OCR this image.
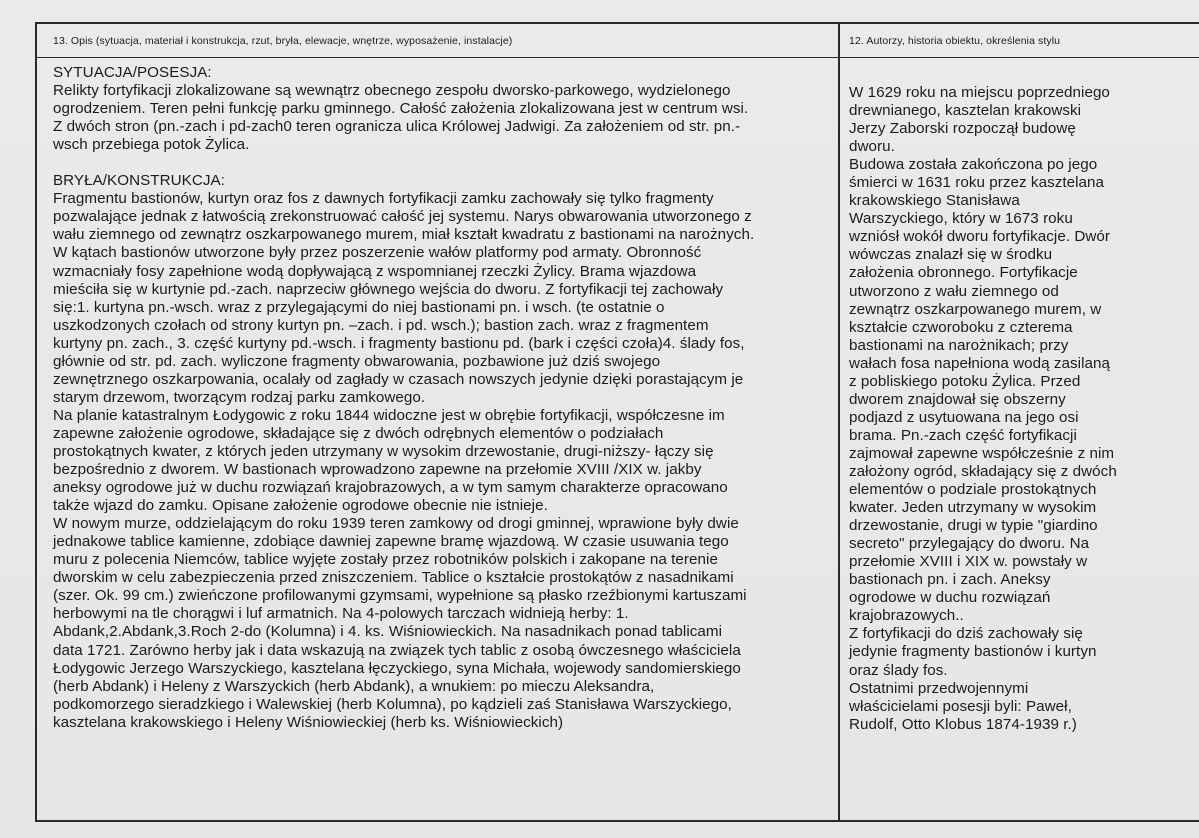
13. Opis (sytuacja, materiał i konstrukcja, rzut, bryła, elewacje, wnętrze, wyposażenie, instalacje)	12. Autorzy, historia obiektu, określenia stylu
SYTUACJA/POSESJA:
Relikty fortyfikacji zlokalizowane są wewnątrz obecnego zespołu dworsko-parkowego, wydzielonego
ogrodzeniem. Teren pełni funkcję parku gminnego. Całość założenia zlokalizowana jest w centrum wsi.
Z dwóch stron (pn.-zach i pd-zach0 teren ogranicza ulica Królowej Jadwigi. Za założeniem od str. pn.-
wsch przebiega potok Żylica.
BRYŁA/KONSTRUKCJA:
Fragmentu bastionów, kurtyn oraz fos z dawnych fortyfikacji zamku zachowały się tylko fragmenty
pozwalające jednak z łatwością zrekonstruować całość jej systemu. Narys obwarowania utworzonego z
wału ziemnego od zewnątrz oszkarpowanego murem, miał kształt kwadratu z bastionami na narożnych.
W kątach bastionów utworzone były przez poszerzenie wałów platformy pod armaty. Obronność
wzmacniały fosy zapełnione wodą dopływającą z wspomnianej rzeczki Żylicy. Brama wjazdowa
mieściła się w kurtynie pd.-zach. naprzeciw głównego wejścia do dworu. Z fortyfikacji tej zachowały
się:1. kurtyna pn.-wsch. wraz z przylegającymi do niej bastionami pn. i wsch. (te ostatnie o
uszkodzonych czołach od strony kurtyn pn. –zach. i pd. wsch.); bastion zach. wraz z fragmentem
kurtyny pn. zach., 3. część kurtyny pd.-wsch. i fragmenty bastionu pd. (bark i części czoła)4. ślady fos,
głównie od str. pd. zach. wyliczone fragmenty obwarowania, pozbawione już dziś swojego
zewnętrznego oszkarpowania, ocalały od zagłady w czasach nowszych jedynie dzięki porastającym je
starym drzewom, tworzącym rodzaj parku zamkowego.
Na planie katastralnym Łodygowic z roku 1844 widoczne jest w obrębie fortyfikacji, współczesne im
zapewne założenie ogrodowe, składające się z dwóch odrębnych elementów o podziałach
prostokątnych kwater, z których jeden utrzymany w wysokim drzewostanie, drugi-niższy- łączy się
bezpośrednio z dworem. W bastionach wprowadzono zapewne na przełomie XVIII /XIX w. jakby
aneksy ogrodowe już w duchu rozwiązań krajobrazowych, a w tym samym charakterze opracowano
także wjazd do zamku. Opisane założenie ogrodowe obecnie nie istnieje.
W nowym murze, oddzielającym do roku 1939 teren zamkowy od drogi gminnej, wprawione były dwie
jednakowe tablice kamienne, zdobiące dawniej zapewne bramę wjazdową. W czasie usuwania tego
muru z polecenia Niemców, tablice wyjęte zostały przez robotników polskich i zakopane na terenie
dworskim w celu zabezpieczenia przed zniszczeniem. Tablice o kształcie prostokątów z nasadnikami
(szer. Ok. 99 cm.) zwieńczone profilowanymi gzymsami, wypełnione są płasko rzeźbionymi kartuszami
herbowymi na tle chorągwi i luf armatnich. Na 4-polowych tarczach widnieją herby: 1.
Abdank,2.Abdank,3.Roch 2-do (Kolumna) i 4. ks. Wiśniowieckich. Na nasadnikach ponad tablicami
data 1721. Zarówno herby jak i data wskazują na związek tych tablic z osobą ówczesnego właściciela
Łodygowic Jerzego Warszyckiego, kasztelana łęczyckiego, syna Michała, wojewody sandomierskiego
(herb Abdank) i Heleny z Warszyckich (herb Abdank), a wnukiem: po mieczu Aleksandra,
podkomorzego sieradzkiego i Walewskiej (herb Kolumna), po kądzieli zaś Stanisława Warszyckiego,
kasztelana krakowskiego i Heleny Wiśniowieckiej (herb ks. Wiśniowieckich)
W 1629 roku na miejscu poprzedniego
drewnianego, kasztelan krakowski
Jerzy Zaborski rozpoczął budowę
dworu.
Budowa została zakończona po jego
śmierci w 1631 roku przez kasztelana
krakowskiego Stanisława
Warszyckiego, który w 1673 roku
wzniósł wokół dworu fortyfikacje. Dwór
wówczas znalazł się w środku
założenia obronnego. Fortyfikacje
utworzono z wału ziemnego od
zewnątrz oszkarpowanego murem, w
kształcie czworoboku z czterema
bastionami na narożnikach; przy
wałach fosa napełniona wodą zasilaną
z pobliskiego potoku Żylica. Przed
dworem znajdował się obszerny
podjazd z usytuowana na jego osi
brama. Pn.-zach część fortyfikacji
zajmował zapewne współcześnie z nim
założony ogród, składający się z dwóch
elementów o podziale prostokątnych
kwater. Jeden utrzymany w wysokim
drzewostanie, drugi w typie "giardino
secreto" przylegający do dworu. Na
przełomie XVIII i XIX w. powstały w
bastionach pn. i zach. Aneksy
ogrodowe w duchu rozwiązań
krajobrazowych..
Z fortyfikacji do dziś zachowały się
jedynie fragmenty bastionów i kurtyn
oraz ślady fos.
Ostatnimi przedwojennymi
właścicielami posesji byli: Paweł,
Rudolf, Otto Klobus 1874-1939 r.)
